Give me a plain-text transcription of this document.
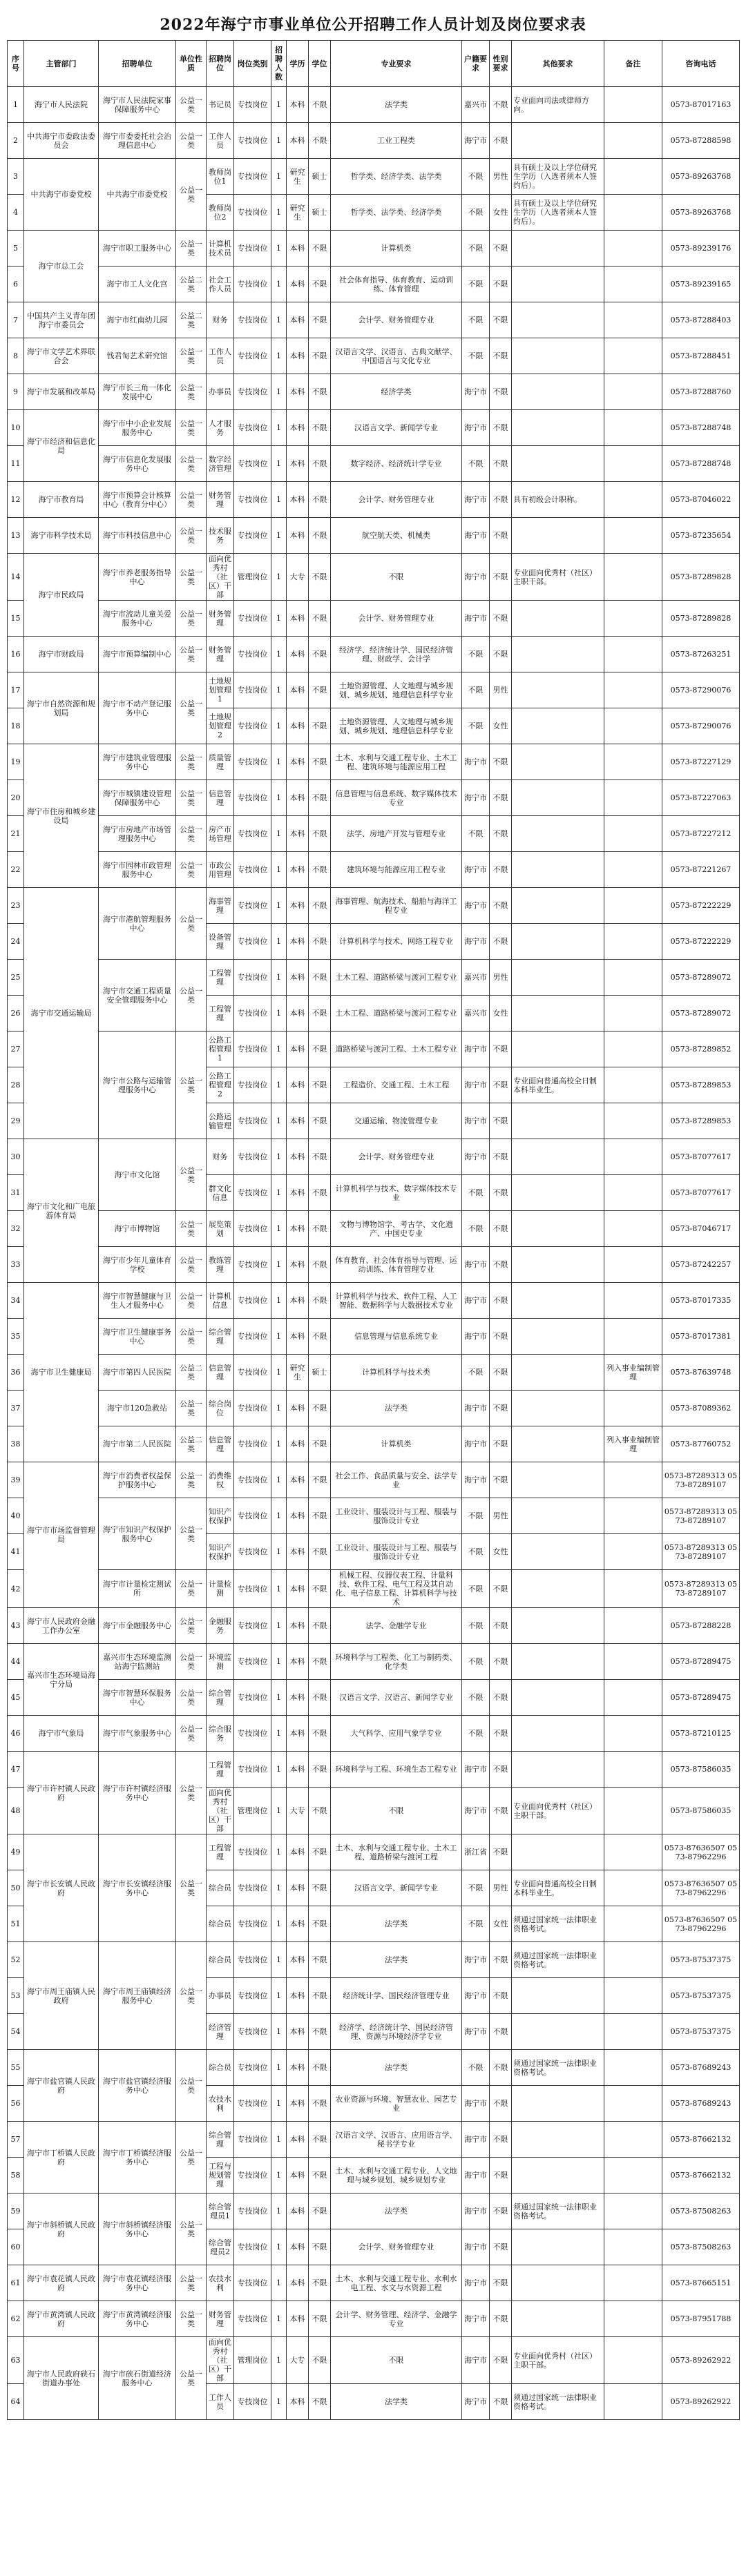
2022年海宁市事业单位公开招聘工作人员计划及岗位要求表
序号	主管部门	招聘单位	单位性质	招聘岗位	岗位类别	招聘人数	学历	学位	专业要求	户籍要求	性别要求	其他要求	备注	咨询电话
1	海宁市人民法院	海宁市人民法院家事保障服务中心	公益一类	书记员	专技岗位	1	本科	不限	法学类	嘉兴市	不限	专业面向司法或律师方向。		0573-87017163
2	中共海宁市委政法委员会	海宁市委委托社会治理信息中心	公益一类	工作人员	专技岗位	1	本科	不限	工业工程类	海宁市	不限			0573-87288598
3	中共海宁市委党校	中共海宁市委党校	公益一类	教师岗位1	专技岗位	1	研究生	硕士	哲学类、经济学类、法学类	不限	男性	具有硕士及以上学位研究生学历（入选者须本人签约后）。		0573-89263768
4				教师岗位2	专技岗位	1	研究生	硕士	哲学类、法学类、经济学类	不限	女性	具有硕士及以上学位研究生学历（入选者须本人签约后）。		0573-89263768
5	海宁市总工会	海宁市职工服务中心	公益一类	计算机技术员	专技岗位	1	本科	不限	计算机类	不限	不限			0573-89239176
6		海宁市工人文化宫	公益二类	社会工作人员	专技岗位	1	本科	不限	社会体育指导、体育教育、运动训练、体育管理	不限	不限			0573-89239165
7	中国共产主义青年团海宁市委员会	海宁市红南幼儿园	公益二类	财务	专技岗位	1	本科	不限	会计学、财务管理专业	不限	不限			0573-87288403
8	海宁市文学艺术界联合会	钱君匋艺术研究馆	公益一类	工作人员	专技岗位	1	本科	不限	汉语言文学、汉语言、古典文献学、中国语言与文化专业	不限	不限			0573-87288451
9	海宁市发展和改革局	海宁市长三角一体化发展中心	公益一类	办事员	专技岗位	1	本科	不限	经济学类	海宁市	不限			0573-87288760
10	海宁市经济和信息化局	海宁市中小企业发展服务中心	公益一类	人才服务	专技岗位	1	本科	不限	汉语言文学、新闻学专业	海宁市	不限			0573-87288748
11		海宁市信息化发展服务中心	公益一类	数字经济管理	专技岗位	1	本科	不限	数字经济、经济统计学专业	不限	不限			0573-87288748
12	海宁市教育局	海宁市预算会计核算中心（教育分中心）	公益一类	财务管理	专技岗位	1	本科	不限	会计学、财务管理专业	海宁市	不限	具有初级会计职称。		0573-87046022
13	海宁市科学技术局	海宁市科技信息中心	公益一类	技术服务	专技岗位	1	本科	不限	航空航天类、机械类	海宁市	不限			0573-87235654
14	海宁市民政局	海宁市养老服务指导中心	公益一类	面向优秀村（社区）干部	管理岗位	1	大专	不限	不限	海宁市	不限	专业面向优秀村（社区）主职干部。		0573-87289828
15		海宁市流动儿童关爱服务中心	公益一类	财务管理	专技岗位	1	本科	不限	会计学、财务管理专业	海宁市	不限			0573-87289828
16	海宁市财政局	海宁市预算编制中心	公益一类	财务管理	专技岗位	1	本科	不限	经济学、经济统计学、国民经济管理、财政学、会计学	不限	不限			0573-87263251
17	海宁市自然资源和规划局	海宁市不动产登记服务中心	公益一类	土地规划管理1	专技岗位	1	本科	不限	土地资源管理、人文地理与城乡规划、城乡规划、地理信息科学专业	不限	男性			0573-87290076
18				土地规划管理2	专技岗位	1	本科	不限	土地资源管理、人文地理与城乡规划、城乡规划、地理信息科学专业	不限	女性			0573-87290076
19	海宁市住房和城乡建设局	海宁市建筑业管理服务中心	公益一类	质量管理	专技岗位	1	本科	不限	土木、水利与交通工程专业、土木工程、建筑环境与能源应用工程	海宁市	不限			0573-87227129
20		海宁市城镇建设管理保障服务中心	公益一类	信息管理	专技岗位	1	本科	不限	信息管理与信息系统、数字媒体技术专业	海宁市	不限			0573-87227063
21		海宁市房地产市场管理服务中心	公益一类	房产市场管理	专技岗位	1	本科	不限	法学、房地产开发与管理专业	不限	不限			0573-87227212
22		海宁市园林市政管理服务中心	公益一类	市政公用管理	专技岗位	1	本科	不限	建筑环境与能源应用工程专业	海宁市	不限			0573-87221267
23	海宁市交通运输局	海宁市港航管理服务中心	公益一类	海事管理	专技岗位	1	本科	不限	海事管理、航海技术、船舶与海洋工程专业	海宁市	不限			0573-87222229
24				设备管理	专技岗位	1	本科	不限	计算机科学与技术、网络工程专业	海宁市	不限			0573-87222229
25		海宁市交通工程质量安全管理服务中心	公益一类	工程管理	专技岗位	1	本科	不限	土木工程、道路桥梁与渡河工程专业	嘉兴市	男性			0573-87289072
26				工程管理	专技岗位	1	本科	不限	土木工程、道路桥梁与渡河工程专业	嘉兴市	女性			0573-87289072
27		海宁市公路与运输管理服务中心	公益一类	公路工程管理1	专技岗位	1	本科	不限	道路桥梁与渡河工程、土木工程专业	海宁市	不限			0573-87289852
28				公路工程管理2	专技岗位	1	本科	不限	工程造价、交通工程、土木工程	海宁市	不限	专业面向普通高校全日制本科毕业生。		0573-87289853
29				公路运输管理	专技岗位	1	本科	不限	交通运输、物流管理专业	海宁市	不限			0573-87289853
30	海宁市文化和广电旅游体育局	海宁市文化馆	公益一类	财务	专技岗位	1	本科	不限	会计学、财务管理专业	海宁市	不限			0573-87077617
31				群文化信息	专技岗位	1	本科	不限	计算机科学与技术、数字媒体技术专业	不限	不限			0573-87077617
32		海宁市博物馆	公益一类	展览策划	专技岗位	1	本科	不限	文物与博物馆学、考古学、文化遗产、中国史专业	不限	不限			0573-87046717
33		海宁市少年儿童体育学校	公益一类	教练管理	专技岗位	1	本科	不限	体育教育、社会体育指导与管理、运动训练、体育管理专业	海宁市	不限			0573-87242257
34	海宁市卫生健康局	海宁市智慧健康与卫生人才服务中心	公益一类	计算机信息	专技岗位	1	本科	不限	计算机科学与技术、软件工程、人工智能、数据科学与大数据技术专业	海宁市	不限			0573-87017335
35		海宁市卫生健康事务中心	公益一类	综合管理	专技岗位	1	本科	不限	信息管理与信息系统专业	海宁市	不限			0573-87017381
36		海宁市第四人民医院	公益二类	信息管理	专技岗位	1	研究生	硕士	计算机科学与技术类	不限	不限		列入事业编制管理	0573-87639748
37		海宁市120急救站	公益一类	综合岗位	专技岗位	1	本科	不限	法学类	海宁市	不限			0573-87089362
38		海宁市第二人民医院	公益二类	信息管理	专技岗位	1	本科	不限	计算机类	海宁市	不限		列入事业编制管理	0573-87760752
39	海宁市市场监督管理局	海宁市消费者权益保护服务中心	公益一类	消费维权	专技岗位	1	本科	不限	社会工作、食品质量与安全、法学专业	海宁市	不限			0573-87289313 0573-87289107
40		海宁市知识产权保护服务中心	公益一类	知识产权保护	专技岗位	1	本科	不限	工业设计、服装设计与工程、服装与服饰设计专业	不限	男性			0573-87289313 0573-87289107
41				知识产权保护	专技岗位	1	本科	不限	工业设计、服装设计与工程、服装与服饰设计专业	不限	女性			0573-87289313 0573-87289107
42		海宁市计量检定测试所	公益一类	计量检测	专技岗位	1	本科	不限	机械工程、仪器仪表工程、计量科技、软件工程、电气工程及其自动化、电子信息工程、计算机科学与技术	不限	不限			0573-87289313 0573-87289107
43	海宁市人民政府金融工作办公室	海宁市金融服务中心	公益一类	金融服务	专技岗位	1	本科	不限	法学、金融学专业	不限	不限			0573-87288228
44	嘉兴市生态环境局海宁分局	嘉兴市生态环境监测站海宁监测站	公益一类	环境监测	专技岗位	1	本科	不限	环境科学与工程类、化工与制药类、化学类	不限	不限			0573-87289475
45		海宁市智慧环保服务中心	公益一类	综合管理	专技岗位	1	本科	不限	汉语言文学、汉语言、新闻学专业	不限	不限			0573-87289475
46	海宁市气象局	海宁市气象服务中心	公益一类	综合服务	专技岗位	1	本科	不限	大气科学、应用气象学专业	不限	不限			0573-87210125
47	海宁市许村镇人民政府	海宁市许村镇经济服务中心	公益一类	工程管理	专技岗位	1	本科	不限	环境科学与工程、环境生态工程专业	海宁市	不限			0573-87586035
48				面向优秀村（社区）干部	管理岗位	1	大专	不限	不限	海宁市	不限	专业面向优秀村（社区）主职干部。		0573-87586035
49	海宁市长安镇人民政府	海宁市长安镇经济服务中心	公益一类	工程管理	专技岗位	1	本科	不限	土木、水利与交通工程专业、土木工程、道路桥梁与渡河工程	浙江省	不限			0573-87636507 0573-87962296
50				综合员	专技岗位	1	本科	不限	汉语言文学、新闻学专业	不限	男性	专业面向普通高校全日制本科毕业生。		0573-87636507 0573-87962296
51				综合员	专技岗位	1	本科	不限	法学类	不限	女性	须通过国家统一法律职业资格考试。		0573-87636507 0573-87962296
52	海宁市周王庙镇人民政府	海宁市周王庙镇经济服务中心	公益一类	综合员	专技岗位	1	本科	不限	法学类	海宁市	不限	须通过国家统一法律职业资格考试。		0573-87537375
53				办事员	专技岗位	1	本科	不限	经济统计学、国民经济管理专业	海宁市	不限			0573-87537375
54				经济管理	专技岗位	1	本科	不限	经济学、经济统计学、国民经济管理、资源与环境经济学专业	海宁市	不限			0573-87537375
55	海宁市盐官镇人民政府	海宁市盐官镇经济服务中心	公益一类	综合员	专技岗位	1	本科	不限	法学类	不限	不限	须通过国家统一法律职业资格考试。		0573-87689243
56				农技水利	专技岗位	1	本科	不限	农业资源与环境、智慧农业、园艺专业	海宁市	不限			0573-87689243
57	海宁市丁桥镇人民政府	海宁市丁桥镇经济服务中心	公益一类	综合管理	专技岗位	1	本科	不限	汉语言文学、汉语言、应用语言学、秘书学专业	海宁市	不限			0573-87662132
58				工程与规划管理	专技岗位	1	本科	不限	土木、水利与交通工程专业、人文地理与城乡规划、城乡规划专业	海宁市	不限			0573-87662132
59	海宁市斜桥镇人民政府	海宁市斜桥镇经济服务中心	公益一类	综合管理员1	专技岗位	1	本科	不限	法学类	海宁市	不限	须通过国家统一法律职业资格考试。		0573-87508263
60				综合管理员2	专技岗位	1	本科	不限	会计学、财务管理专业	海宁市	不限			0573-87508263
61	海宁市袁花镇人民政府	海宁市袁花镇经济服务中心	公益一类	农技水利	专技岗位	1	本科	不限	土木、水利与交通工程专业、水利水电工程、水文与水资源工程	海宁市	不限			0573-87665151
62	海宁市黄湾镇人民政府	海宁市黄湾镇经济服务中心	公益一类	财务管理	专技岗位	1	本科	不限	会计学、财务管理、经济学、金融学专业	海宁市	不限			0573-87951788
63	海宁市人民政府硖石街道办事处	海宁市硖石街道经济服务中心	公益一类	面向优秀村（社区）干部	管理岗位	1	大专	不限	不限	海宁市	不限	专业面向优秀村（社区）主职干部。		0573-89262922
64				工作人员	专技岗位	1	本科	不限	法学类	海宁市	不限	须通过国家统一法律职业资格考试。		0573-89262922
